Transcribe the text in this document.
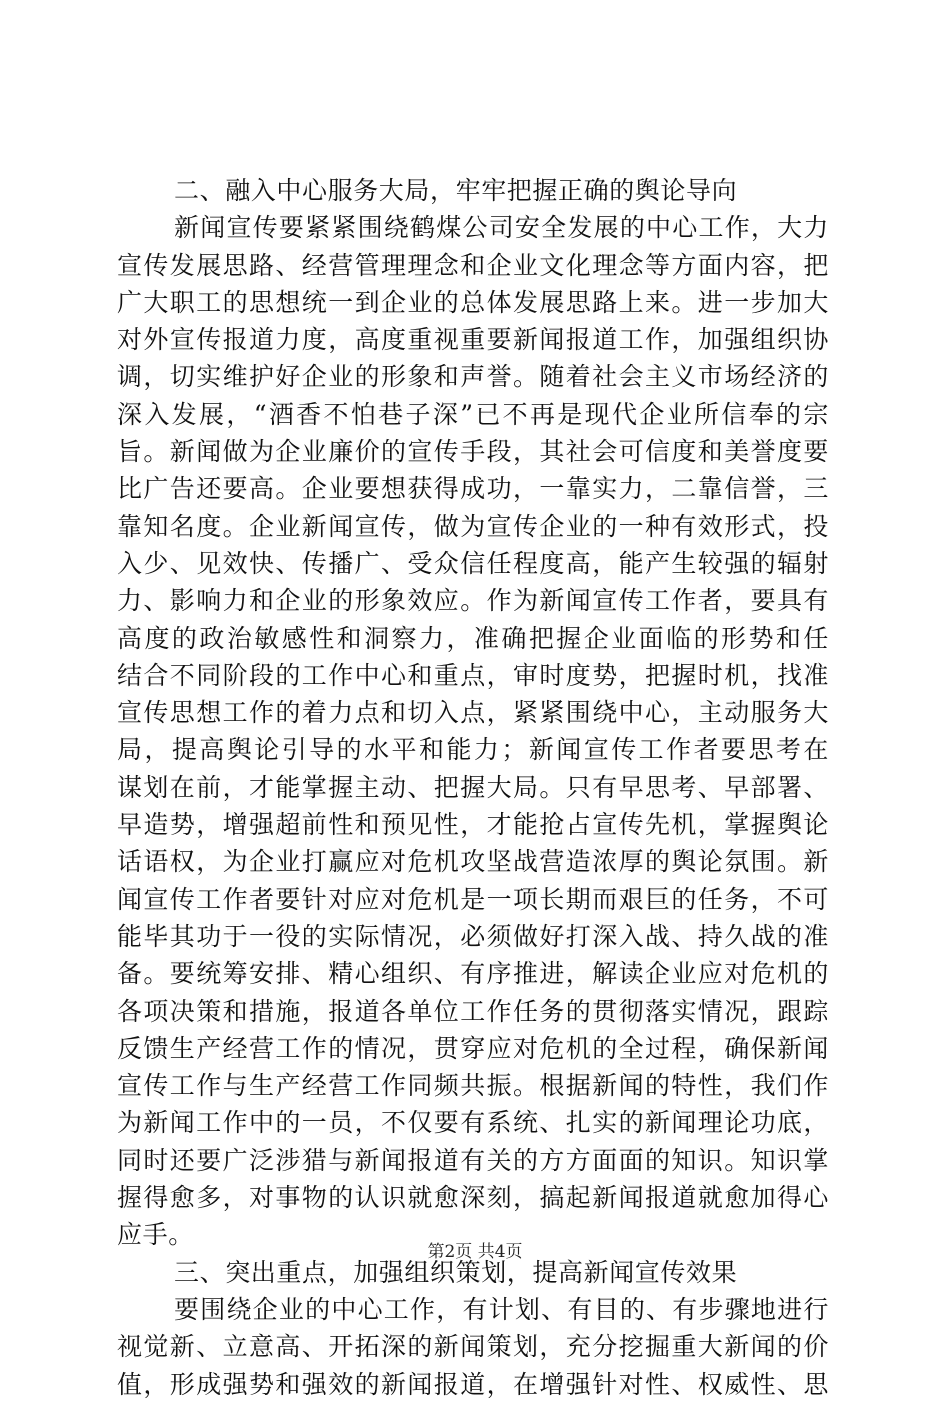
二、融入中心服务大局，牢牢把握正确的舆论导向
新闻宣传要紧紧围绕鹤煤公司安全发展的中心工作，大力
宣传发展思路、经营管理理念和企业文化理念等方面内容，把
广大职工的思想统一到企业的总体发展思路上来。进一步加大
对外宣传报道力度，高度重视重要新闻报道工作，加强组织协
调，切实维护好企业的形象和声誉。随着社会主义市场经济的
深入发展，“酒香不怕巷子深”已不再是现代企业所信奉的宗
旨。新闻做为企业廉价的宣传手段，其社会可信度和美誉度要
比广告还要高。企业要想获得成功，一靠实力，二靠信誉，三
靠知名度。企业新闻宣传，做为宣传企业的一种有效形式，投
入少、见效快、传播广、受众信任程度高，能产生较强的辐射
力、影响力和企业的形象效应。作为新闻宣传工作者，要具有
高度的政治敏感性和洞察力，准确把握企业面临的形势和任
结合不同阶段的工作中心和重点，审时度势，把握时机，找准
宣传思想工作的着力点和切入点，紧紧围绕中心，主动服务大
局，提高舆论引导的水平和能力；新闻宣传工作者要思考在
谋划在前，才能掌握主动、把握大局。只有早思考、早部署、
早造势，增强超前性和预见性，才能抢占宣传先机，掌握舆论
话语权，为企业打赢应对危机攻坚战营造浓厚的舆论氛围。新
闻宣传工作者要针对应对危机是一项长期而艰巨的任务，不可
能毕其功于一役的实际情况，必须做好打深入战、持久战的准
备。要统筹安排、精心组织、有序推进，解读企业应对危机的
各项决策和措施，报道各单位工作任务的贯彻落实情况，跟踪
反馈生产经营工作的情况，贯穿应对危机的全过程，确保新闻
宣传工作与生产经营工作同频共振。根据新闻的特性，我们作
为新闻工作中的一员，不仅要有系统、扎实的新闻理论功底，
同时还要广泛涉猎与新闻报道有关的方方面面的知识。知识掌
握得愈多，对事物的认识就愈深刻，搞起新闻报道就愈加得心
应手。
三、突出重点，加强组织策划，提高新闻宣传效果
要围绕企业的中心工作，有计划、有目的、有步骤地进行
视觉新、立意高、开拓深的新闻策划，充分挖掘重大新闻的价
值，形成强势和强效的新闻报道，在增强针对性、权威性、思
第2页 共4页
